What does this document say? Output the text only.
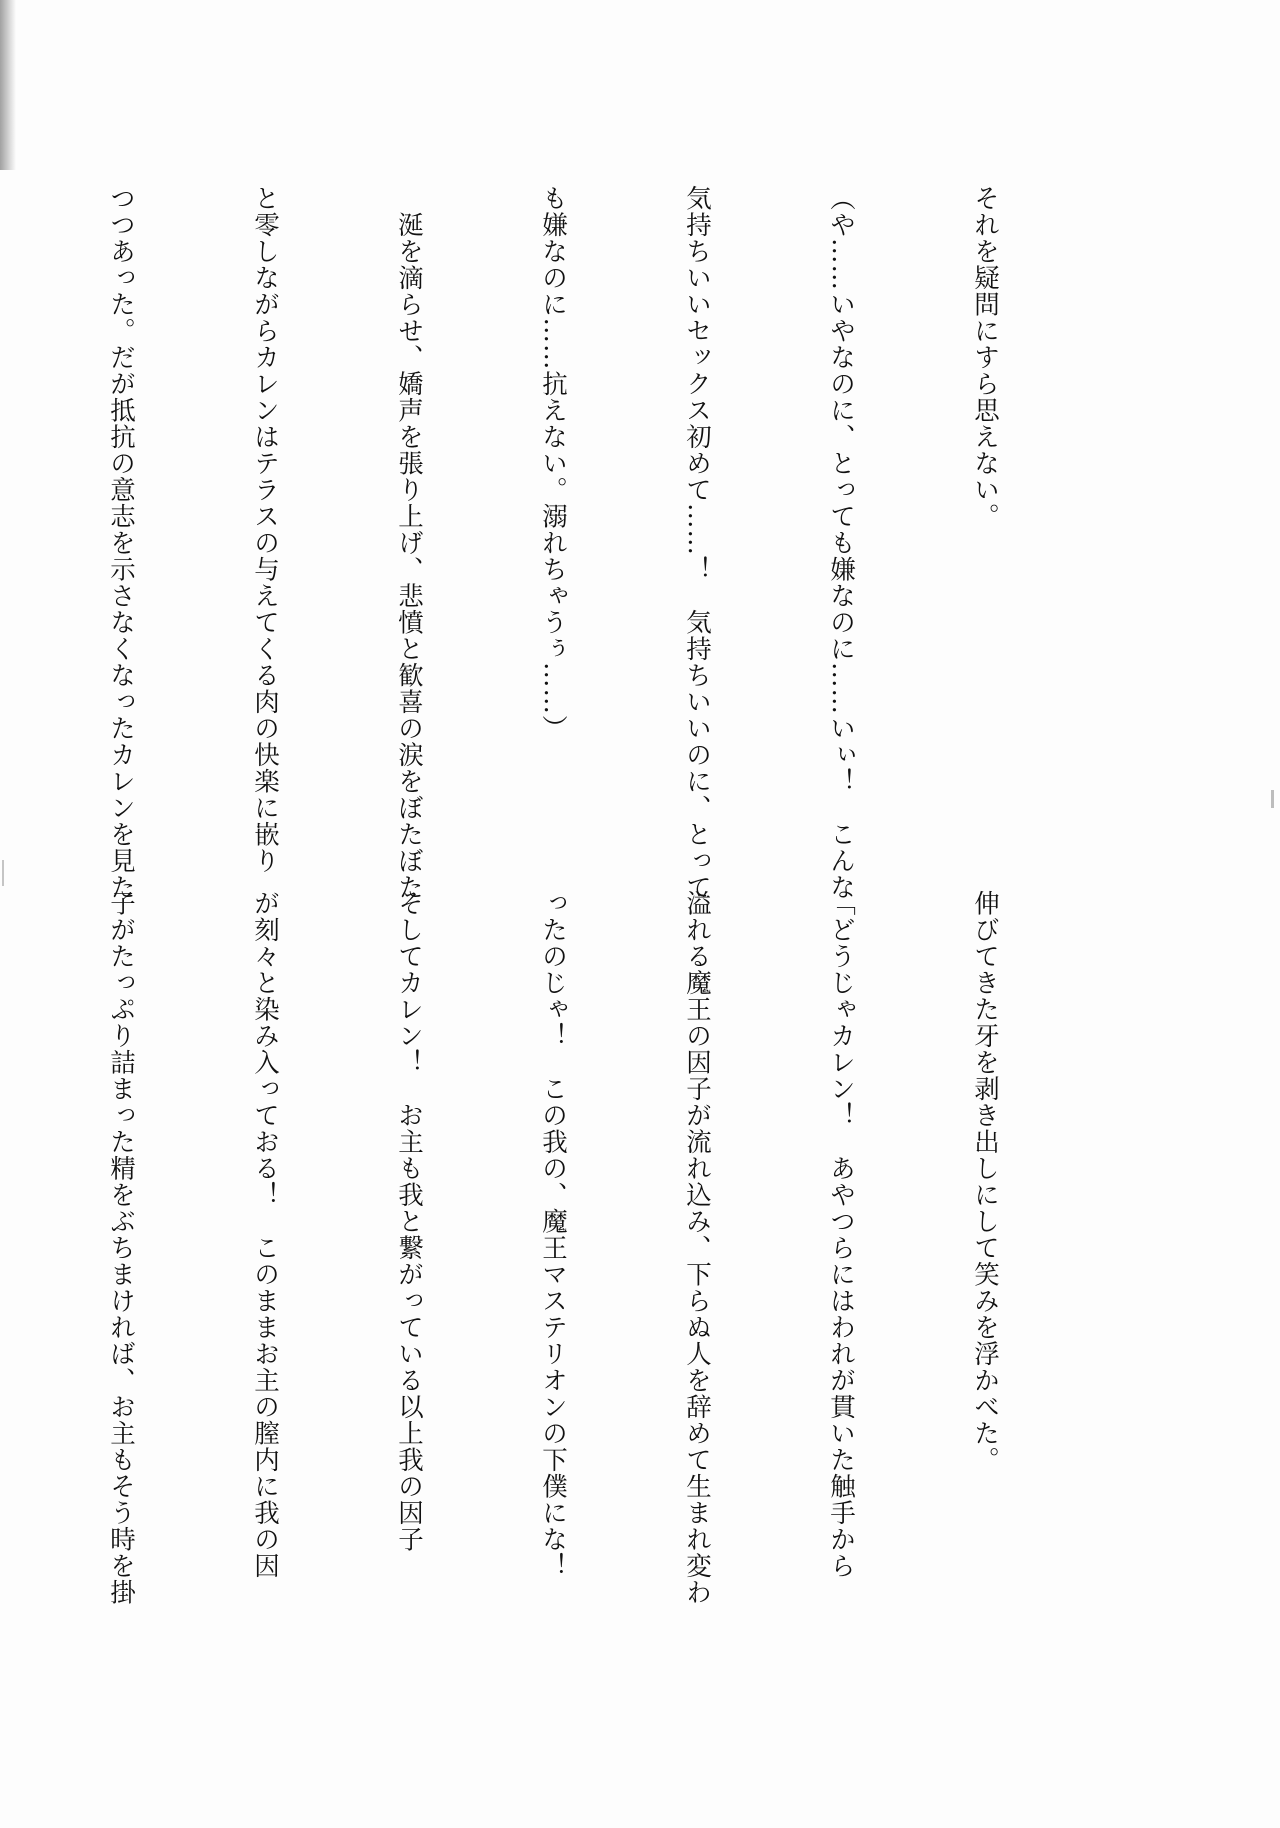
それを疑問にすら思えない。

（や……いやなのに、とっても嫌なのに……いぃ！　こんな

気持ちいいセックス初めて……！　気持ちいいのに、とって

も嫌なのに……抗えない。溺れちゃうぅ……）

　涎を滴らせ、嬌声を張り上げ、悲憤と歓喜の涙をぼたぼた

と零しながらカレンはテラスの与えてくる肉の快楽に嵌り

つつあった。だが抵抗の意志を示さなくなったカレンを見た

伸びてきた牙を剥き出しにして笑みを浮かべた。

「どうじゃカレン！　あやつらにはわれが貫いた触手から

溢れる魔王の因子が流れ込み、下らぬ人を辞めて生まれ変わ

ったのじゃ！　この我の、魔王マステリオンの下僕にな！

そしてカレン！　お主も我と繋がっている以上我の因子

が刻々と染み入っておる！　このままお主の膣内に我の因

子がたっぷり詰まった精をぶちまければ、お主もそう時を掛
